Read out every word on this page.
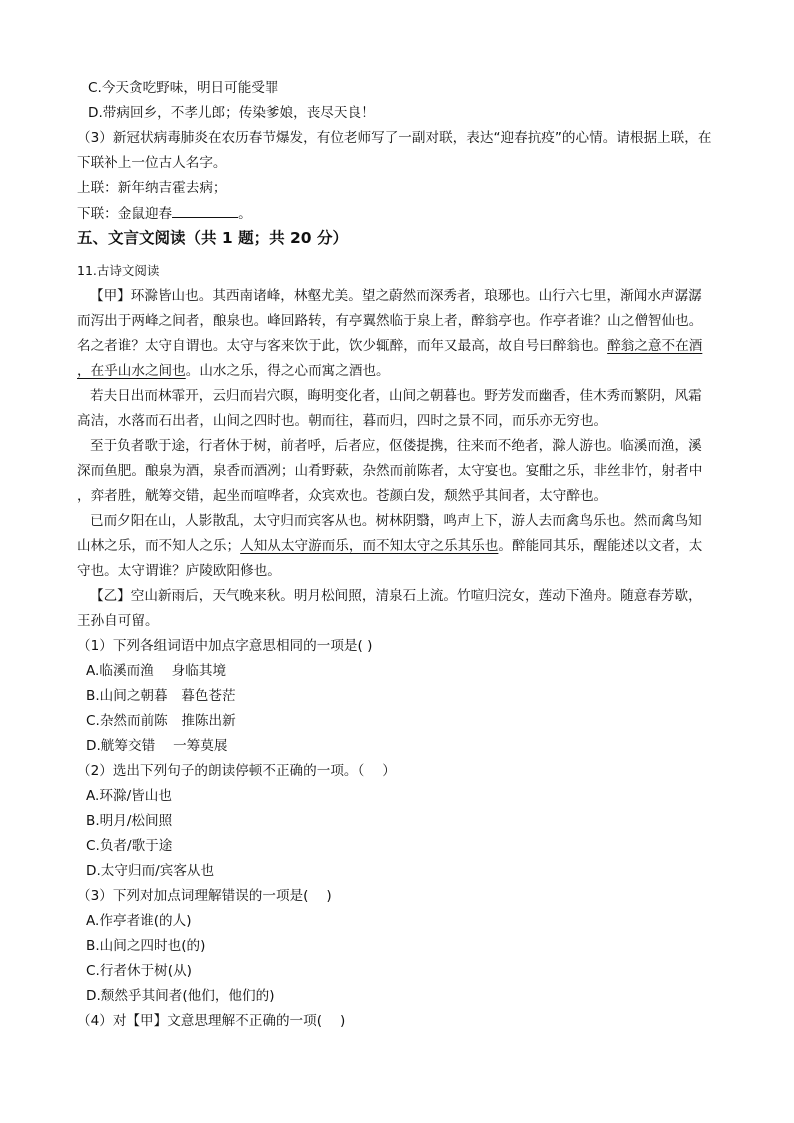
C.今天贪吃野味，明日可能受罪
D.带病回乡，不孝儿郎；传染爹娘，丧尽天良！
（3）新冠状病毒肺炎在农历春节爆发，有位老师写了一副对联，表达“迎春抗疫”的心情。请根据上联，在
下联补上一位古人名字。
上联：新年纳吉霍去病；
下联：金鼠迎春	。
五、文言文阅读（共 1 题；共 20 分）
11.古诗文阅读
【甲】环滁皆山也。其西南诸峰，林壑尤美。望之蔚然而深秀者，琅琊也。山行六七里，渐闻水声潺潺
而泻出于两峰之间者，酿泉也。峰回路转，有亭翼然临于泉上者，醉翁亭也。作亭者谁？山之僧智仙也。
名之者谁？太守自谓也。太守与客来饮于此，饮少辄醉，而年又最高，故自号曰醉翁也。醉翁之意不在酒
，在乎山水之间也。山水之乐，得之心而寓之酒也。
若夫日出而林霏开，云归而岩穴暝，晦明变化者，山间之朝暮也。野芳发而幽香，佳木秀而繁阴，风霜
高洁，水落而石出者，山间之四时也。朝而往，暮而归，四时之景不同，而乐亦无穷也。
至于负者歌于途，行者休于树，前者呼，后者应，伛偻提携，往来而不绝者，滁人游也。临溪而渔，溪
深而鱼肥。酿泉为酒，泉香而酒冽；山肴野蔌，杂然而前陈者，太守宴也。宴酣之乐，非丝非竹，射者中
，弈者胜，觥筹交错，起坐而喧哗者，众宾欢也。苍颜白发，颓然乎其间者，太守醉也。
已而夕阳在山，人影散乱，太守归而宾客从也。树林阴翳，鸣声上下，游人去而禽鸟乐也。然而禽鸟知
山林之乐，而不知人之乐；人知从太守游而乐，而不知太守之乐其乐也。醉能同其乐，醒能述以文者，太
守也。太守谓谁？庐陵欧阳修也。
【乙】空山新雨后，天气晚来秋。明月松间照，清泉石上流。竹喧归浣女，莲动下渔舟。随意春芳歇，
王孙自可留。
（1）下列各组词语中加点字意思相同的一项是( )
A.临溪而渔　 身临其境
B.山间之朝暮　暮色苍茫
C.杂然而前陈　推陈出新
D.觥筹交错　 一筹莫展
（2）选出下列句子的朗读停顿不正确的一项。（　 ）
A.环滁/皆山也
B.明月/松间照
C.负者/歌于途
D.太守归而/宾客从也
（3）下列对加点词理解错误的一项是(　 )
A.作亭者谁(的人)
B.山间之四时也(的)
C.行者休于树(从)
D.颓然乎其间者(他们，他们的)
（4）对【甲】文意思理解不正确的一项(　 )
